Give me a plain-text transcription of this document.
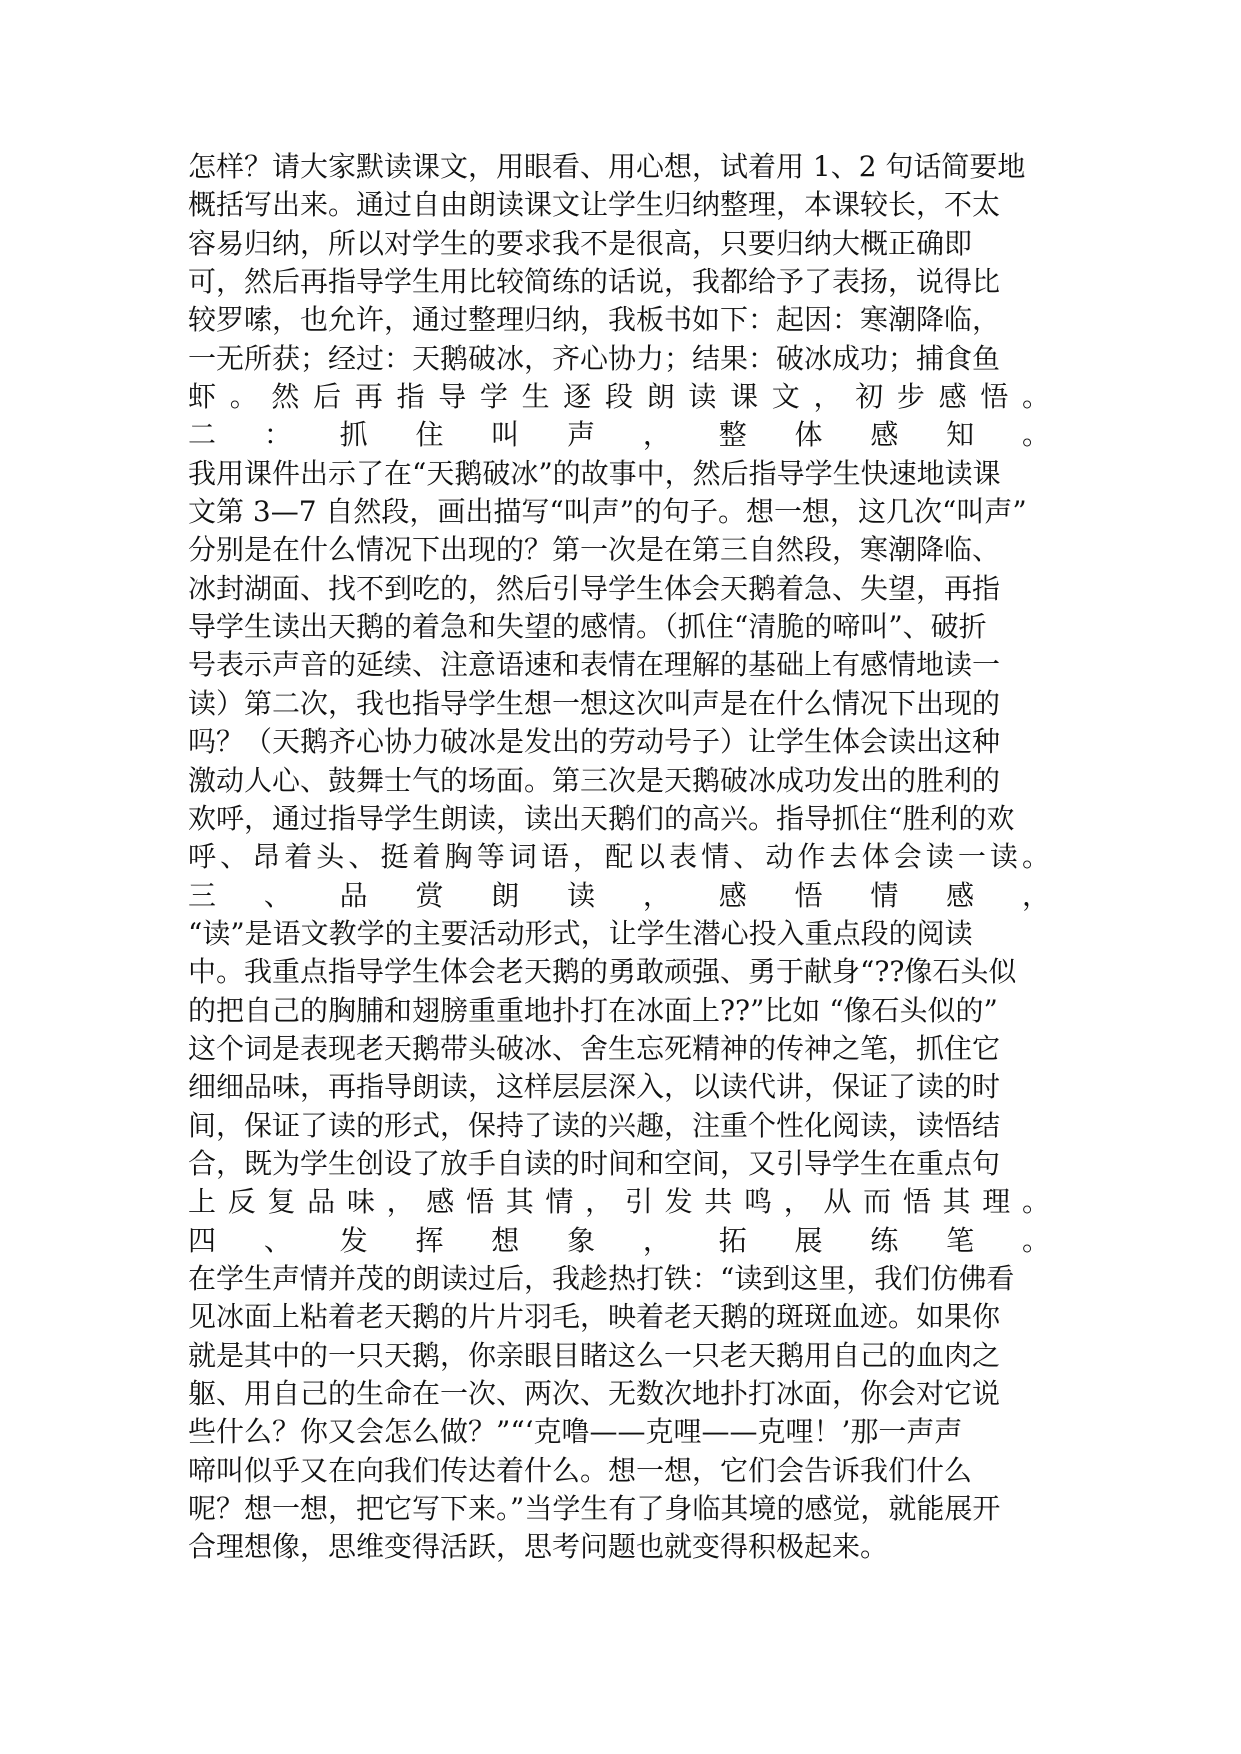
怎样？请大家默读课文，用眼看、用心想，试着用 1、2 句话简要地
概括写出来。通过自由朗读课文让学生归纳整理，本课较长，不太
容易归纳，所以对学生的要求我不是很高，只要归纳大概正确即
可，然后再指导学生用比较简练的话说，我都给予了表扬，说得比
较罗嗦，也允许，通过整理归纳，我板书如下：起因：寒潮降临，
一无所获；经过：天鹅破冰，齐心协力；结果：破冰成功；捕食鱼
虾 。 然 后 再 指 导 学 生 逐 段 朗 读 课 文 ， 初 步 感 悟 。
二 ： 抓 住 叫 声 ， 整 体 感 知 。
我用课件出示了在“天鹅破冰”的故事中，然后指导学生快速地读课
文第 3—7 自然段，画出描写“叫声”的句子。想一想，这几次“叫声”
分别是在什么情况下出现的？第一次是在第三自然段，寒潮降临、
冰封湖面、找不到吃的，然后引导学生体会天鹅着急、失望，再指
导学生读出天鹅的着急和失望的感情。（抓住“清脆的啼叫”、破折
号表示声音的延续、注意语速和表情在理解的基础上有感情地读一
读）第二次，我也指导学生想一想这次叫声是在什么情况下出现的
吗？（天鹅齐心协力破冰是发出的劳动号子）让学生体会读出这种
激动人心、鼓舞士气的场面。第三次是天鹅破冰成功发出的胜利的
欢呼，通过指导学生朗读，读出天鹅们的高兴。指导抓住“胜利的欢
呼、昂着头、挺着胸等词语，配以表情、动作去体会读一读。
三 、 品 赏 朗 读 ， 感 悟 情 感 ，
“读”是语文教学的主要活动形式，让学生潜心投入重点段的阅读
中。我重点指导学生体会老天鹅的勇敢顽强、勇于献身“??像石头似
的把自己的胸脯和翅膀重重地扑打在冰面上??”比如 “像石头似的”
这个词是表现老天鹅带头破冰、舍生忘死精神的传神之笔，抓住它
细细品味，再指导朗读，这样层层深入，以读代讲，保证了读的时
间，保证了读的形式，保持了读的兴趣，注重个性化阅读，读悟结
合，既为学生创设了放手自读的时间和空间，又引导学生在重点句
上 反 复 品 味 ， 感 悟 其 情 ， 引 发 共 鸣 ， 从 而 悟 其 理 。
四 、 发 挥 想 象 ， 拓 展 练 笔 。
在学生声情并茂的朗读过后，我趁热打铁：“读到这里，我们仿佛看
见冰面上粘着老天鹅的片片羽毛，映着老天鹅的斑斑血迹。如果你
就是其中的一只天鹅，你亲眼目睹这么一只老天鹅用自己的血肉之
躯、用自己的生命在一次、两次、无数次地扑打冰面，你会对它说
些什么？你又会怎么做？”“‘克噜——克哩——克哩！’那一声声
啼叫似乎又在向我们传达着什么。想一想，它们会告诉我们什么
呢？想一想，把它写下来。”当学生有了身临其境的感觉，就能展开
合理想像，思维变得活跃，思考问题也就变得积极起来。
